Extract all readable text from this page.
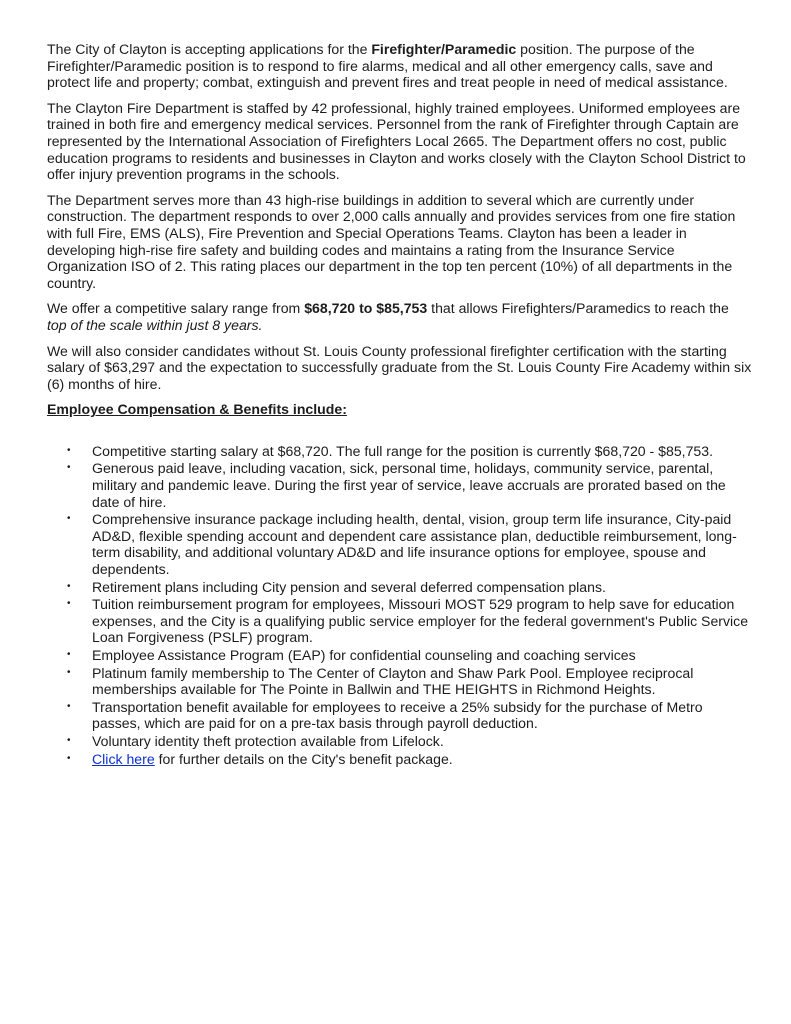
The City of Clayton is accepting applications for the Firefighter/Paramedic position. The purpose of the Firefighter/Paramedic position is to respond to fire alarms, medical and all other emergency calls, save and protect life and property; combat, extinguish and prevent fires and treat people in need of medical assistance.

The Clayton Fire Department is staffed by 42 professional, highly trained employees. Uniformed employees are trained in both fire and emergency medical services. Personnel from the rank of Firefighter through Captain are represented by the International Association of Firefighters Local 2665. The Department offers no cost, public education programs to residents and businesses in Clayton and works closely with the Clayton School District to offer injury prevention programs in the schools.

The Department serves more than 43 high-rise buildings in addition to several which are currently under construction. The department responds to over 2,000 calls annually and provides services from one fire station with full Fire, EMS (ALS), Fire Prevention and Special Operations Teams. Clayton has been a leader in developing high-rise fire safety and building codes and maintains a rating from the Insurance Service Organization ISO of 2. This rating places our department in the top ten percent (10%) of all departments in the country.

We offer a competitive salary range from $68,720 to $85,753 that allows Firefighters/Paramedics to reach the top of the scale within just 8 years.

We will also consider candidates without St. Louis County professional firefighter certification with the starting salary of $63,297 and the expectation to successfully graduate from the St. Louis County Fire Academy within six (6) months of hire.

Employee Compensation & Benefits include:

• Competitive starting salary at $68,720. The full range for the position is currently $68,720 - $85,753.
• Generous paid leave, including vacation, sick, personal time, holidays, community service, parental, military and pandemic leave. During the first year of service, leave accruals are prorated based on the date of hire.
• Comprehensive insurance package including health, dental, vision, group term life insurance, City-paid AD&D, flexible spending account and dependent care assistance plan, deductible reimbursement, long-term disability, and additional voluntary AD&D and life insurance options for employee, spouse and dependents.
• Retirement plans including City pension and several deferred compensation plans.
• Tuition reimbursement program for employees, Missouri MOST 529 program to help save for education expenses, and the City is a qualifying public service employer for the federal government's Public Service Loan Forgiveness (PSLF) program.
• Employee Assistance Program (EAP) for confidential counseling and coaching services
• Platinum family membership to The Center of Clayton and Shaw Park Pool. Employee reciprocal memberships available for The Pointe in Ballwin and THE HEIGHTS in Richmond Heights.
• Transportation benefit available for employees to receive a 25% subsidy for the purchase of Metro passes, which are paid for on a pre-tax basis through payroll deduction.
• Voluntary identity theft protection available from Lifelock.
• Click here for further details on the City's benefit package.
